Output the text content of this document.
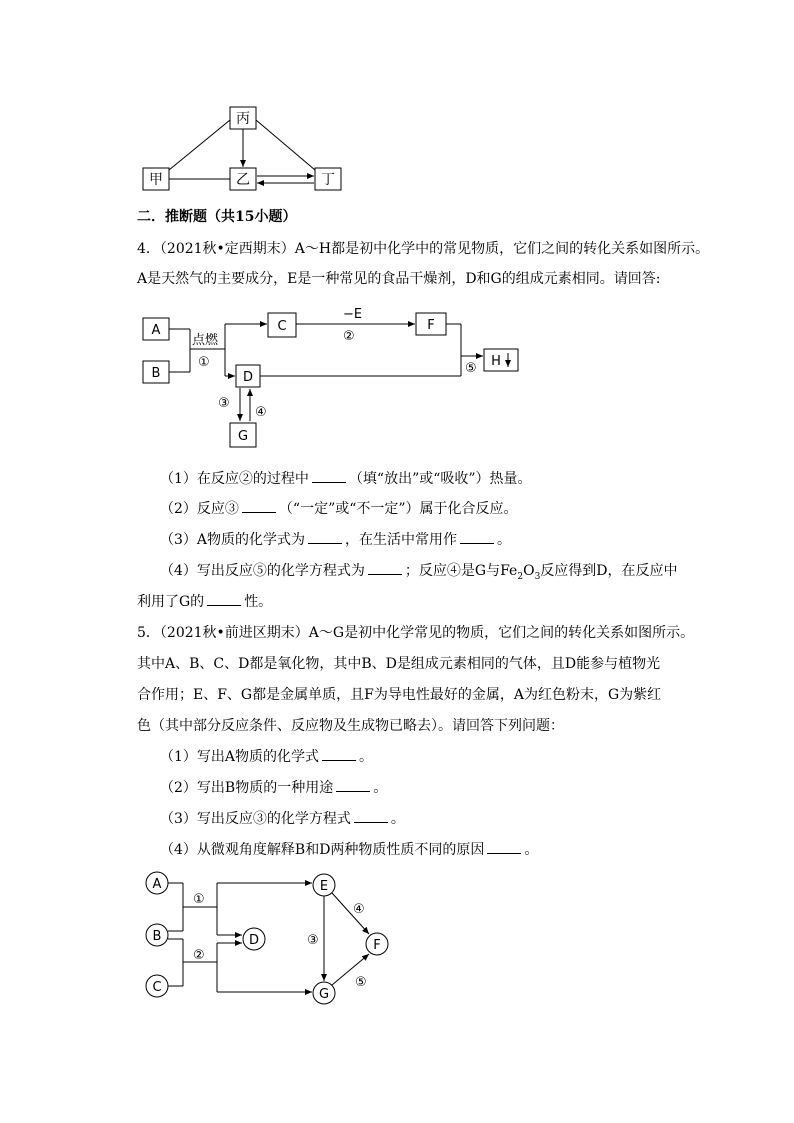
丙
甲	乙	丁
二．推断题（共15小题）
4．（2021秋•定西期末）A～H都是初中化学中的常见物质，它们之间的转化关系如图所示。
A是天然气的主要成分，E是一种常见的食品干燥剂，D和G的组成元素相同。请回答:
A
B
C	F
D
G
H
点燃
①
−E
②
③
④
⑤
（1）在反应②的过程中	（填“放出”或“吸收”）热量。
（2）反应③	（“一定”或“不一定”）属于化合反应。
（3）A物质的化学式为	，在生活中常用作	。
（4）写出反应⑤的化学方程式为	；反应④是G与$Fe_2O_3$反应得到D，在反应中
利用了G的	性。
5．（2021秋•前进区期末）A～G是初中化学常见的物质，它们之间的转化关系如图所示。
其中A、B、C、D都是氧化物，其中B、D是组成元素相同的气体，且D能参与植物光
合作用；E、F、G都是金属单质，且F为导电性最好的金属，A为红色粉末，G为紫红
色（其中部分反应条件、反应物及生成物已略去）。请回答下列问题：
（1）写出A物质的化学式	。
（2）写出B物质的一种用途	。
（3）写出反应③的化学方程式	。
（4）从微观角度解释B和D两种物质性质不同的原因	。
A
B
C
D
E
F
G
①
②
③
④
⑤
